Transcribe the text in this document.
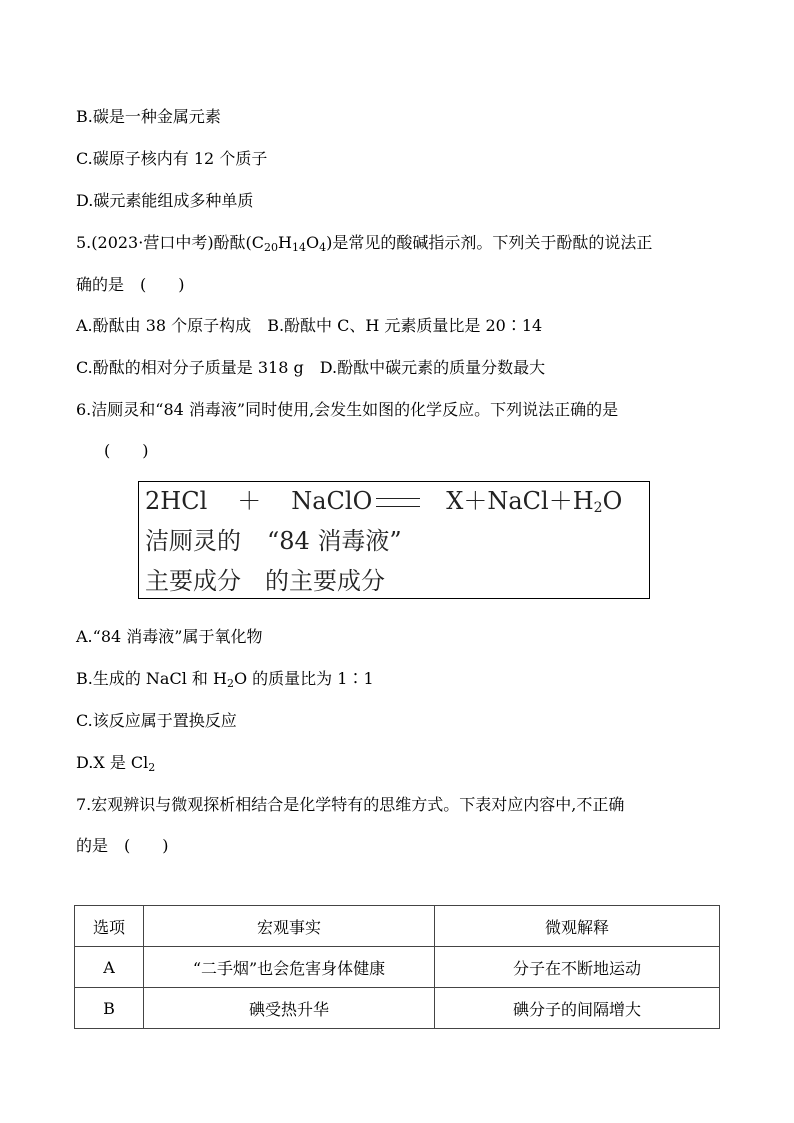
B.碳是一种金属元素
C.碳原子核内有 12 个质子
D.碳元素能组成多种单质
5.(2023·营口中考)酚酞$(C_{20}H_{14}O_4)$是常见的酸碱指示剂。下列关于酚酞的说法正
确的是　(　　)
A.酚酞由 38 个原子构成　 B.酚酞中 C、H 元素质量比是 20∶14
C.酚酞的相对分子质量是 318 g　 D.酚酞中碳元素的质量分数最大
6.洁厕灵和“84 消毒液”同时使用,会发生如图的化学反应。下列说法正确的是
(　　)
2HCl ＋ NaClO	$X+NaCl+H_2O$
洁厕灵的 “84 消毒液”
主要成分 的主要成分
A.“84 消毒液”属于氧化物
B.生成的 NaCl 和 $H_2O$ 的质量比为 1∶1
C.该反应属于置换反应
D.X 是 $Cl_2$
7.宏观辨识与微观探析相结合是化学特有的思维方式。下表对应内容中,不正确
的是　(　　)
选项	宏观事实	微观解释
A	“二手烟”也会危害身体健康	分子在不断地运动
B	碘受热升华	碘分子的间隔增大
